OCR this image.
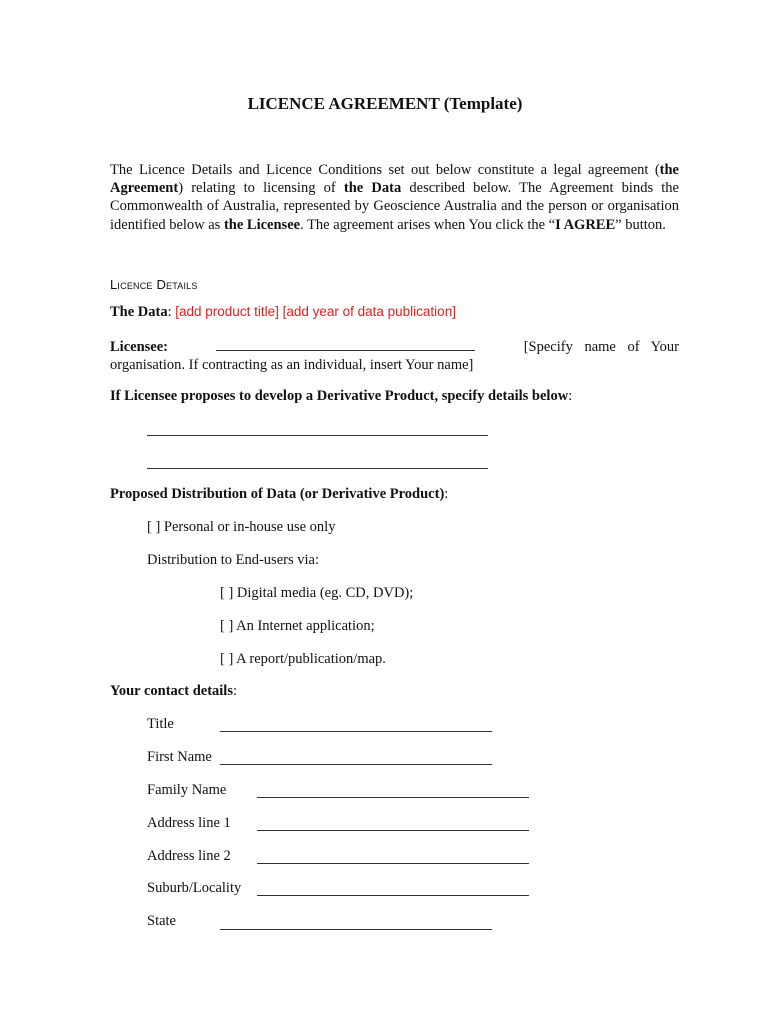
LICENCE AGREEMENT (Template)
The Licence Details and Licence Conditions set out below constitute a legal agreement (the Agreement) relating to licensing of the Data described below. The Agreement binds the Commonwealth of Australia, represented by Geoscience Australia and the person or organisation identified below as the Licensee. The agreement arises when You click the “I AGREE” button.
Licence Details
The Data: [add product title] [add year of data publication]
Licensee:	[Specify name of Your
organisation. If contracting as an individual, insert Your name]
If Licensee proposes to develop a Derivative Product, specify details below:
Proposed Distribution of Data (or Derivative Product):
[ ] Personal or in-house use only
Distribution to End-users via:
[ ] Digital media (eg. CD, DVD);
[ ] An Internet application;
[ ] A report/publication/map.
Your contact details:
Title
First Name
Family Name
Address line 1
Address line 2
Suburb/Locality
State
